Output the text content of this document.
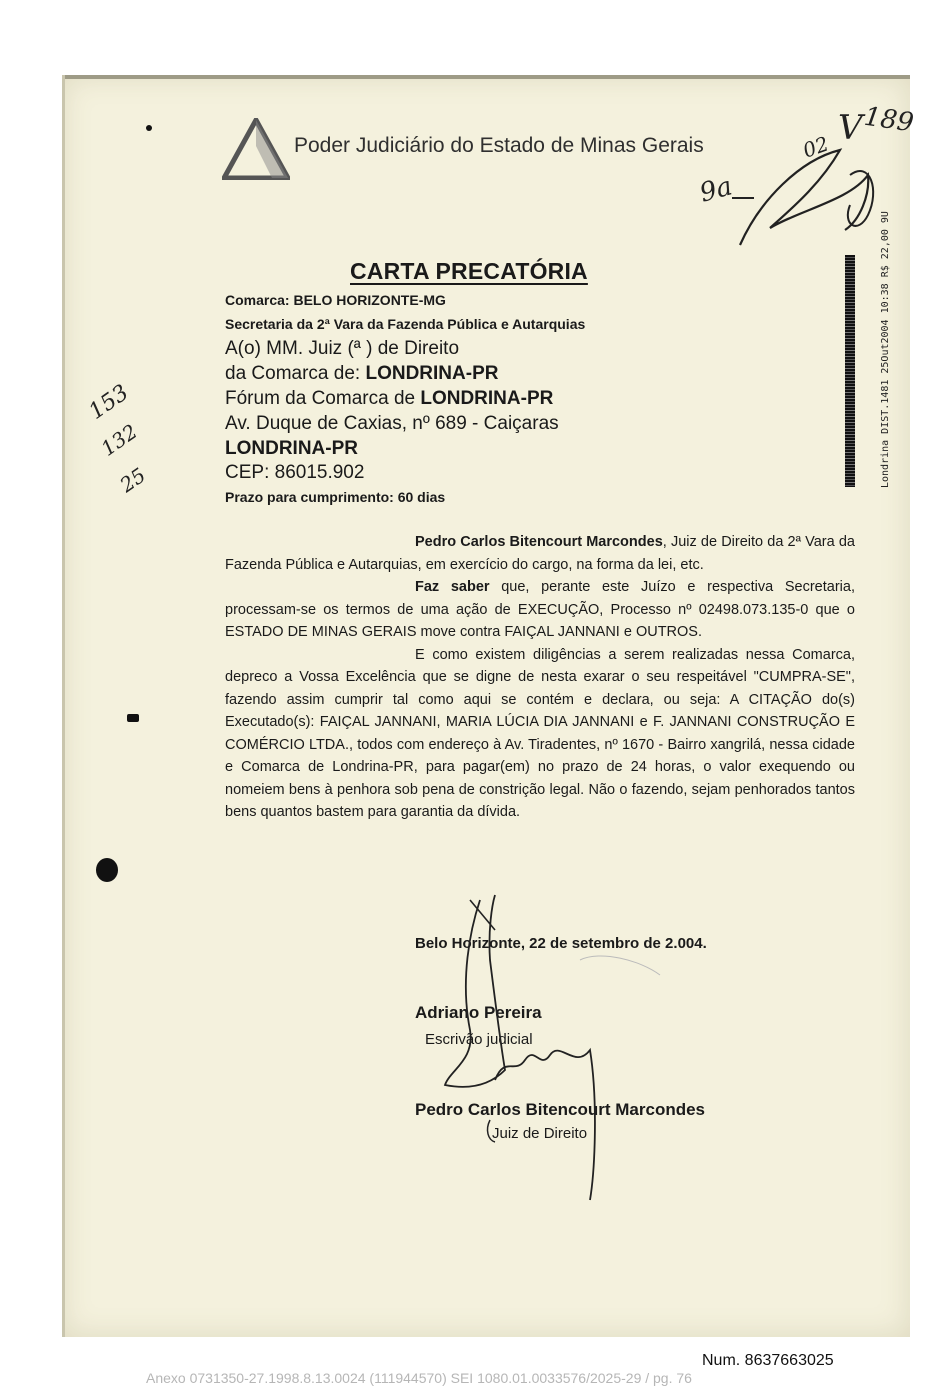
Poder Judiciário do Estado de Minas Gerais
CARTA PRECATÓRIA
Comarca: BELO HORIZONTE-MG
Secretaria da 2ª Vara da Fazenda Pública e Autarquias
A(o) MM. Juiz (ª ) de Direito
da Comarca de: LONDRINA-PR
Fórum da Comarca de LONDRINA-PR
Av. Duque de Caxias, nº 689 - Caiçaras
LONDRINA-PR
CEP: 86015.902
Prazo para cumprimento: 60 dias

Pedro Carlos Bitencourt Marcondes, Juiz de Direito da 2ª Vara da Fazenda Pública e Autarquias, em exercício do cargo, na forma da lei, etc.

Faz saber que, perante este Juízo e respectiva Secretaria, processam-se os termos de uma ação de EXECUÇÃO, Processo nº 02498.073.135-0 que o ESTADO DE MINAS GERAIS move contra FAIÇAL JANNANI e OUTROS.

E como existem diligências a serem realizadas nessa Comarca, depreco a Vossa Excelência que se digne de nesta exarar o seu respeitável "CUMPRA-SE", fazendo assim cumprir tal como aqui se contém e declara, ou seja: A CITAÇÃO do(s) Executado(s): FAIÇAL JANNANI, MARIA LÚCIA DIA JANNANI e F. JANNANI CONSTRUÇÃO E COMÉRCIO LTDA., todos com endereço à Av. Tiradentes, nº 1670 - Bairro xangrilá, nessa cidade e Comarca de Londrina-PR, para pagar(em) no prazo de 24 horas, o valor exequendo ou nomeiem bens à penhora sob pena de constrição legal. Não o fazendo, sejam penhorados tantos bens quantos bastem para garantia da dívida.

Belo Horizonte, 22 de setembro de 2.004.
Adriano Pereira
Escrivão judicial
Pedro Carlos Bitencourt Marcondes
Juiz de Direito
Londrina DIST.1481 25Out2004 10:38 R$ 22,00 9U
02 V 189
9a
153
132
25
Num. 8637663025
Anexo 0731350-27.1998.8.13.0024 (111944570) SEI 1080.01.0033576/2025-29 / pg. 76
